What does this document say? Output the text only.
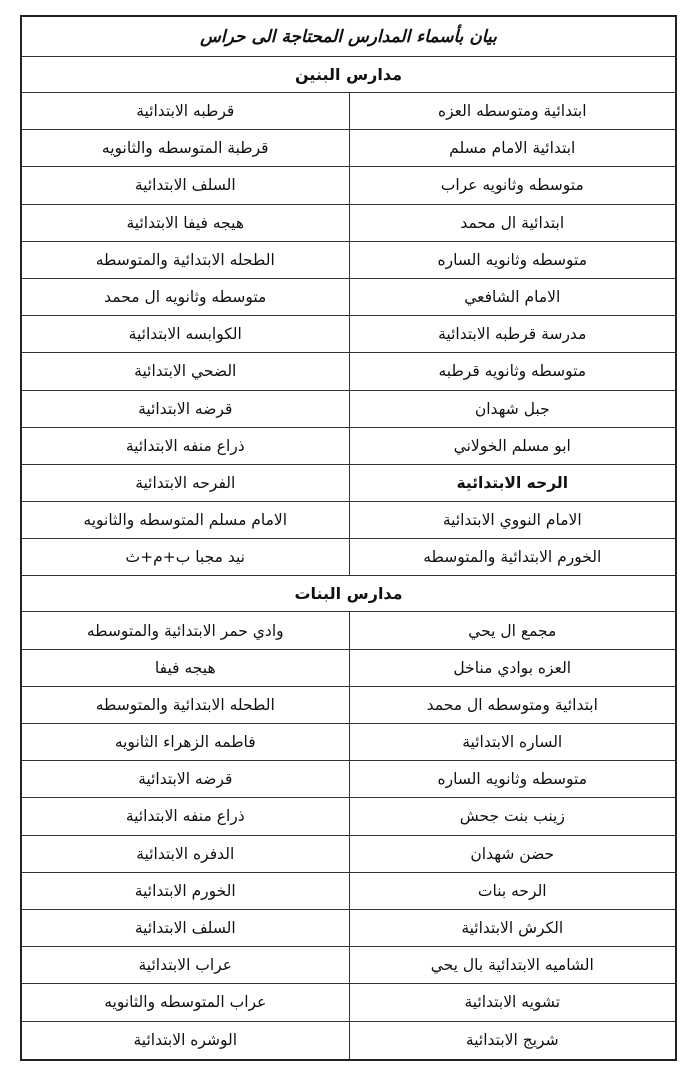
بيان بأسماء المدارس المحتاجة الى حراس
مدارس البنين
ابتدائية ومتوسطه العزه
قرطبه الابتدائية
ابتدائية الامام مسلم
قرطبة المتوسطه والثانويه
متوسطه وثانويه عراب
السلف الابتدائية
ابتدائية ال محمد
هيجه فيفا الابتدائية
متوسطه وثانويه الساره
الطحله الابتدائية والمتوسطه
الامام الشافعي
متوسطه وثانويه ال محمد
مدرسة قرطبه الابتدائية
الكوابسه الابتدائية
متوسطه وثانويه قرطبه
الضحي الابتدائية
جبل شهدان
قرضه الابتدائية
ابو مسلم الخولاني
ذراع منفه الابتدائية
الرحه الابتدائية
الفرحه الابتدائية
الامام النووي الابتدائية
الامام مسلم المتوسطه والثانويه
الخورم الابتدائية والمتوسطه
نيد مجبا ب+م+ث
مدارس البنات
مجمع ال يحي
وادي حمر الابتدائية والمتوسطه
العزه بوادي مناخل
هيجه فيفا
ابتدائية ومتوسطه ال محمد
الطحله الابتدائية والمتوسطه
الساره الابتدائية
فاطمه الزهراء الثانويه
متوسطه وثانويه الساره
قرضه الابتدائية
زينب بنت جحش
ذراع منفه الابتدائية
حضن شهدان
الدفره الابتدائية
الرحه بنات
الخورم الابتدائية
الكرش الابتدائية
السلف الابتدائية
الشاميه الابتدائية بال يحي
عراب الابتدائية
تشويه الابتدائية
عراب المتوسطه والثانويه
شريج الابتدائية
الوشره الابتدائية
